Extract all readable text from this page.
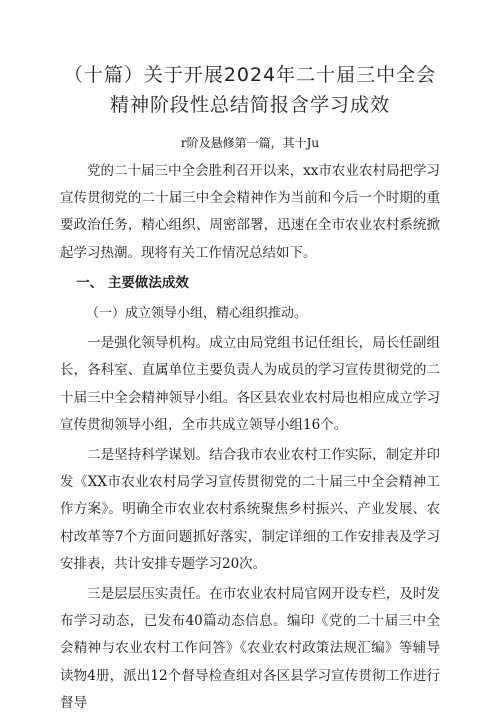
（十篇）关于开展2024年二十届三中全会
精神阶段性总结简报含学习成效
r阶及悬修第一篇，其十Ju

党的二十届三中全会胜利召开以来，xx市农业农村局把学习宣传贯彻党的二十届三中全会精神作为当前和今后一个时期的重要政治任务，精心组织、周密部署，迅速在全市农业农村系统掀起学习热潮。现将有关工作情况总结如下。

一、 主要做法成效
（一）成立领导小组，精心组织推动。

一是强化领导机构。成立由局党组书记任组长，局长任副组长，各科室、直属单位主要负责人为成员的学习宣传贯彻党的二十届三中全会精神领导小组。各区县农业农村局也相应成立学习宣传贯彻领导小组，全市共成立领导小组16个。

二是坚持科学谋划。结合我市农业农村工作实际，制定并印发《XX市农业农村局学习宣传贯彻党的二十届三中全会精神工作方案》。明确全市农业农村系统聚焦乡村振兴、产业发展、农村改革等7个方面问题抓好落实，制定详细的工作安排表及学习安排表，共计安排专题学习20次。

三是层层压实责任。在市农业农村局官网开设专栏，及时发布学习动态，已发布40篇动态信息。编印《党的二十届三中全会精神与农业农村工作问答》《农业农村政策法规汇编》等辅导读物4册，派出12个督导检查组对各区县学习宣传贯彻工作进行督导
